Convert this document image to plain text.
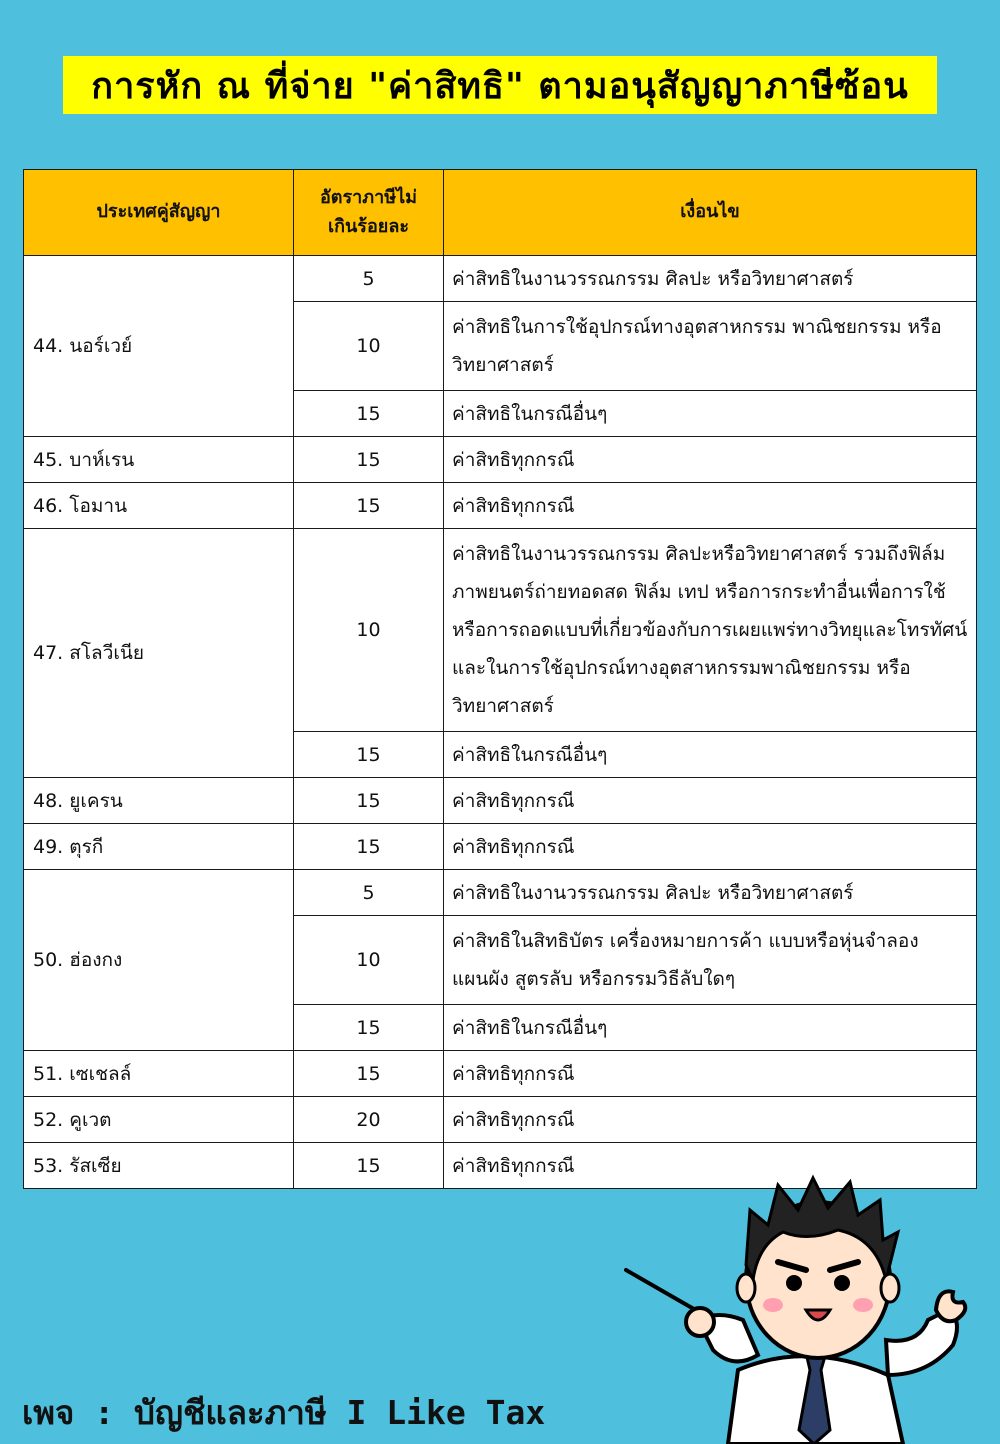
การหัก ณ ที่จ่าย "ค่าสิทธิ" ตามอนุสัญญาภาษีซ้อน
ประเทศคู่สัญญา	อัตราภาษีไม่เกินร้อยละ	เงื่อนไข
44. นอร์เวย์	5	ค่าสิทธิในงานวรรณกรรม ศิลปะ หรือวิทยาศาสตร์
	10	ค่าสิทธิในการใช้อุปกรณ์ทางอุตสาหกรรม พาณิชยกรรม หรือวิทยาศาสตร์
	15	ค่าสิทธิในกรณีอื่นๆ
45. บาห์เรน	15	ค่าสิทธิทุกกรณี
46. โอมาน	15	ค่าสิทธิทุกกรณี
47. สโลวีเนีย	10	ค่าสิทธิในงานวรรณกรรม ศิลปะหรือวิทยาศาสตร์ รวมถึงฟิล์มภาพยนตร์ถ่ายทอดสด ฟิล์ม เทป หรือการกระทำอื่นเพื่อการใช้หรือการถอดแบบที่เกี่ยวข้องกับการเผยแพร่ทางวิทยุและโทรทัศน์ และในการใช้อุปกรณ์ทางอุตสาหกรรมพาณิชยกรรม หรือวิทยาศาสตร์
	15	ค่าสิทธิในกรณีอื่นๆ
48. ยูเครน	15	ค่าสิทธิทุกกรณี
49. ตุรกี	15	ค่าสิทธิทุกกรณี
50. ฮ่องกง	5	ค่าสิทธิในงานวรรณกรรม ศิลปะ หรือวิทยาศาสตร์
	10	ค่าสิทธิในสิทธิบัตร เครื่องหมายการค้า แบบหรือหุ่นจำลอง แผนผัง สูตรลับ หรือกรรมวิธีลับใดๆ
	15	ค่าสิทธิในกรณีอื่นๆ
51. เซเชลล์	15	ค่าสิทธิทุกกรณี
52. คูเวต	20	ค่าสิทธิทุกกรณี
53. รัสเซีย	15	ค่าสิทธิทุกกรณี
เพจ : บัญชีและภาษี I Like Tax
